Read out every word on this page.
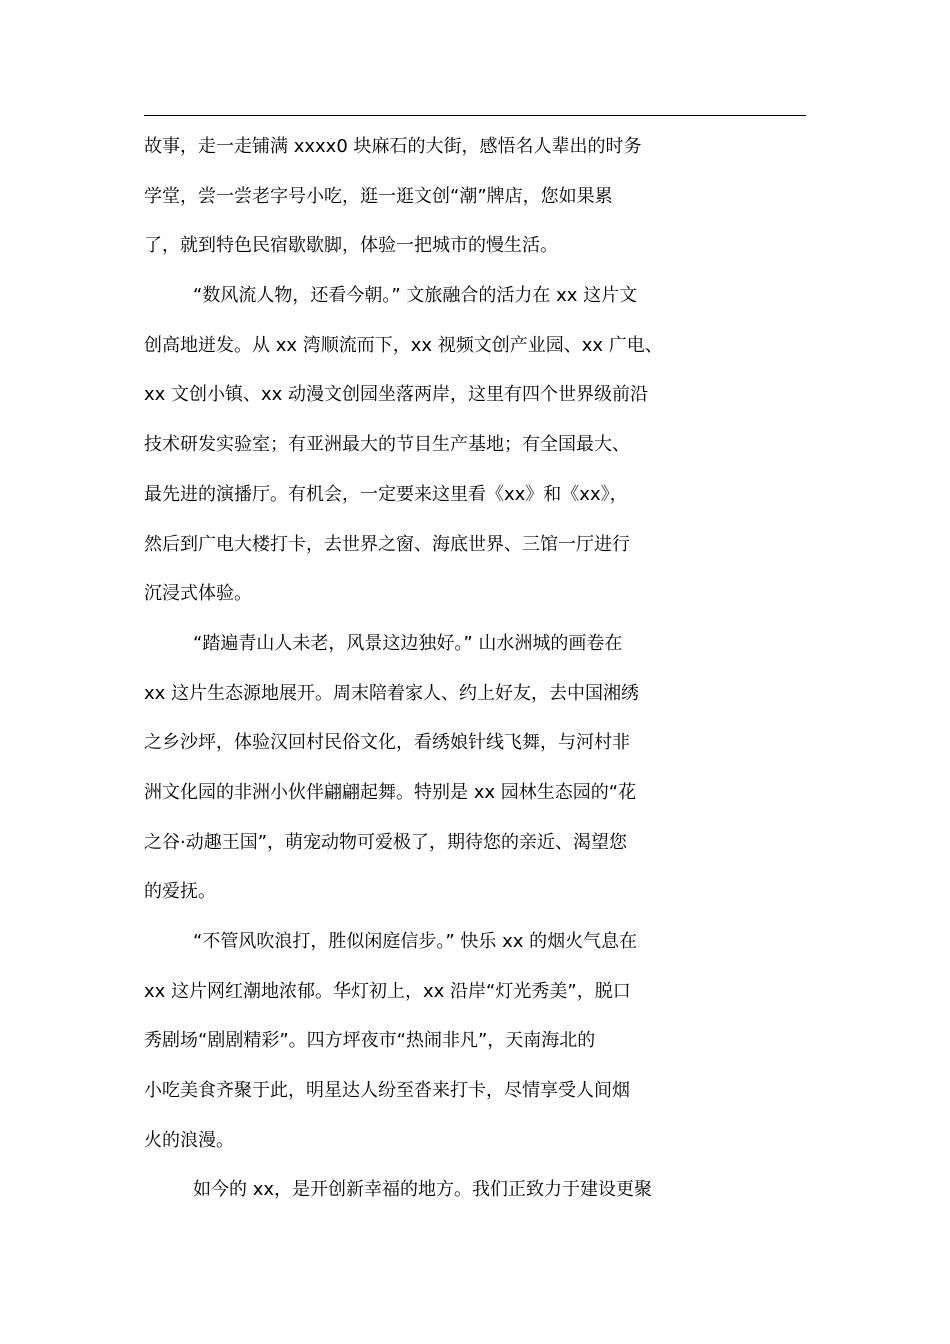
故事，走一走铺满 xxxx0 块麻石的大街，感悟名人辈出的时务
学堂，尝一尝老字号小吃，逛一逛文创“潮”牌店，您如果累
了，就到特色民宿歇歇脚，体验一把城市的慢生活。
“数风流人物，还看今朝。” 文旅融合的活力在 xx 这片文
创高地迸发。从 xx 湾顺流而下，xx 视频文创产业园、xx 广电、
xx 文创小镇、xx 动漫文创园坐落两岸，这里有四个世界级前沿
技术研发实验室；有亚洲最大的节目生产基地；有全国最大、
最先进的演播厅。有机会，一定要来这里看《xx》和《xx》，
然后到广电大楼打卡，去世界之窗、海底世界、三馆一厅进行
沉浸式体验。
“踏遍青山人未老，风景这边独好。” 山水洲城的画卷在
xx 这片生态源地展开。周末陪着家人、约上好友，去中国湘绣
之乡沙坪，体验汉回村民俗文化，看绣娘针线飞舞，与河村非
洲文化园的非洲小伙伴翩翩起舞。特别是 xx 园林生态园的“花
之谷·动趣王国”，萌宠动物可爱极了，期待您的亲近、渴望您
的爱抚。
“不管风吹浪打，胜似闲庭信步。” 快乐 xx 的烟火气息在
xx 这片网红潮地浓郁。华灯初上，xx 沿岸“灯光秀美”，脱口
秀剧场“剧剧精彩”。四方坪夜市“热闹非凡”，天南海北的
小吃美食齐聚于此，明星达人纷至沓来打卡，尽情享受人间烟
火的浪漫。
如今的 xx，是开创新幸福的地方。我们正致力于建设更聚
